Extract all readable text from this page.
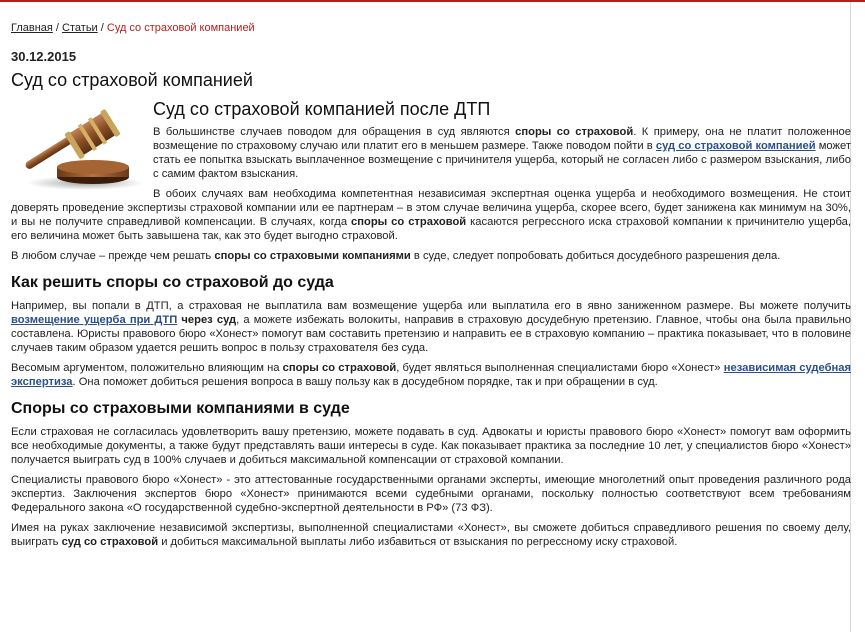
Главная / Статьи / Суд со страховой компанией
30.12.2015
Суд со страховой компанией
Суд со страховой компанией после ДТП

В большинстве случаев поводом для обращения в суд являются споры со страховой. К примеру, она не платит положенное возмещение по страховому случаю или платит его в меньшем размере. Также поводом пойти в суд со страховой компанией может стать ее попытка взыскать выплаченное возмещение с причинителя ущерба, который не согласен либо с размером взыскания, либо с самим фактом взыскания.

В обоих случаях вам необходима компетентная независимая экспертная оценка ущерба и необходимого возмещения. Не стоит доверять проведение экспертизы страховой компании или ее партнерам – в этом случае величина ущерба, скорее всего, будет занижена как минимум на 30%, и вы не получите справедливой компенсации. В случаях, когда споры со страховой касаются регрессного иска страховой компании к причинителю ущерба, его величина может быть завышена так, как это будет выгодно страховой.

В любом случае – прежде чем решать споры со страховыми компаниями в суде, следует попробовать добиться досудебного разрешения дела.

Как решить споры со страховой до суда

Например, вы попали в ДТП, а страховая не выплатила вам возмещение ущерба или выплатила его в явно заниженном размере. Вы можете получить возмещение ущерба при ДТП через суд, а можете избежать волокиты, направив в страховую досудебную претензию. Главное, чтобы она была правильно составлена. Юристы правового бюро «Хонест» помогут вам составить претензию и направить ее в страховую компанию – практика показывает, что в половине случаев таким образом удается решить вопрос в пользу страхователя без суда.

Весомым аргументом, положительно влияющим на споры со страховой, будет являться выполненная специалистами бюро «Хонест» независимая судебная экспертиза. Она поможет добиться решения вопроса в вашу пользу как в досудебном порядке, так и при обращении в суд.

Споры со страховыми компаниями в суде

Если страховая не согласилась удовлетворить вашу претензию, можете подавать в суд. Адвокаты и юристы правового бюро «Хонест» помогут вам оформить все необходимые документы, а также будут представлять ваши интересы в суде. Как показывает практика за последние 10 лет, у специалистов бюро «Хонест» получается выиграть суд в 100% случаев и добиться максимальной компенсации от страховой компании.

Специалисты правового бюро «Хонест» - это аттестованные государственными органами эксперты, имеющие многолетний опыт проведения различного рода экспертиз. Заключения экспертов бюро «Хонест» принимаются всеми судебными органами, поскольку полностью соответствуют всем требованиям Федерального закона «О государственной судебно-экспертной деятельности в РФ» (73 ФЗ).

Имея на руках заключение независимой экспертизы, выполненной специалистами «Хонест», вы сможете добиться справедливого решения по своему делу, выиграть суд со страховой и добиться максимальной выплаты либо избавиться от взыскания по регрессному иску страховой.
